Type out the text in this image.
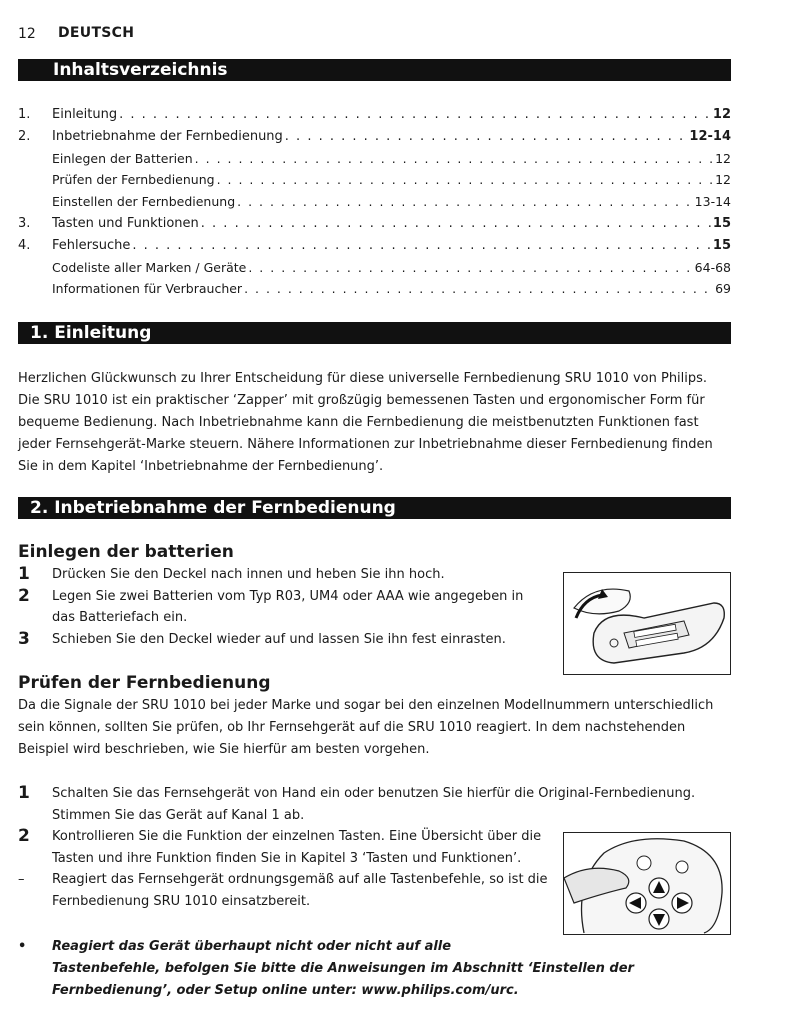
12 DEUTSCH
Inhaltsverzeichnis
1.	Einleitung . . .	12
2.	Inbetriebnahme der Fernbedienung . . .	12-14
Einlegen der Batterien . . .	12
Prüfen der Fernbedienung . . .	12
Einstellen der Fernbedienung . . .	13-14
3.	Tasten und Funktionen . . .	15
4.	Fehlersuche . . .	15
Codeliste aller Marken / Geräte . . .	64-68
Informationen für Verbraucher . . .	69
1. Einleitung
Herzlichen Glückwunsch zu Ihrer Entscheidung für diese universelle Fernbedienung SRU 1010 von Philips.
Die SRU 1010 ist ein praktischer ‘Zapper’ mit großzügig bemessenen Tasten und ergonomischer Form für
bequeme Bedienung. Nach Inbetriebnahme kann die Fernbedienung die meistbenutzten Funktionen fast
jeder Fernsehgerät-Marke steuern. Nähere Informationen zur Inbetriebnahme dieser Fernbedienung finden
Sie in dem Kapitel ‘Inbetriebnahme der Fernbedienung’.
2. Inbetriebnahme der Fernbedienung
Einlegen der batterien
1	Drücken Sie den Deckel nach innen und heben Sie ihn hoch.
2	Legen Sie zwei Batterien vom Typ R03, UM4 oder AAA wie angegeben in
das Batteriefach ein.
3	Schieben Sie den Deckel wieder auf und lassen Sie ihn fest einrasten.
Prüfen der Fernbedienung
Da die Signale der SRU 1010 bei jeder Marke und sogar bei den einzelnen Modellnummern unterschiedlich
sein können, sollten Sie prüfen, ob Ihr Fernsehgerät auf die SRU 1010 reagiert. In dem nachstehenden
Beispiel wird beschrieben, wie Sie hierfür am besten vorgehen.
1	Schalten Sie das Fernsehgerät von Hand ein oder benutzen Sie hierfür die Original-Fernbedienung.
Stimmen Sie das Gerät auf Kanal 1 ab.
2	Kontrollieren Sie die Funktion der einzelnen Tasten. Eine Übersicht über die
Tasten und ihre Funktion finden Sie in Kapitel 3 ‘Tasten und Funktionen’.
–	Reagiert das Fernsehgerät ordnungsgemäß auf alle Tastenbefehle, so ist die
Fernbedienung SRU 1010 einsatzbereit.
•	Reagiert das Gerät überhaupt nicht oder nicht auf alle
Tastenbefehle, befolgen Sie bitte die Anweisungen im Abschnitt ‘Einstellen der
Fernbedienung’, oder Setup online unter: www.philips.com/urc.
